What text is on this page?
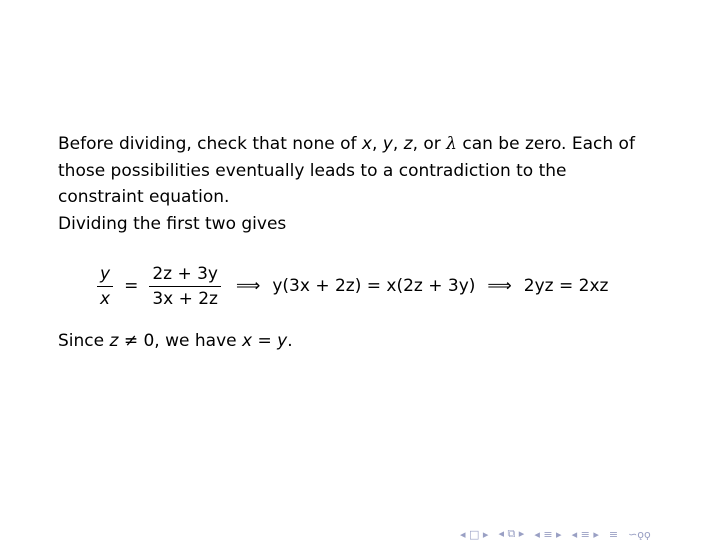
Before dividing, check that none of x, y, z, or λ can be zero. Each of
those possibilities eventually leads to a contradiction to the
constraint equation.
Dividing the first two gives
$\frac{y}{x} = \frac{2z + 3y}{3x + 2z}$ ⟹ y(3x + 2z) = x(2z + 3y) ⟹ 2yz = 2xz
Since z ≠ 0, we have x = y.
◂ □ ▸ ◂ ⧉ ▸ ◂ ≡ ▸ ◂ ≡ ▸ ≡ ∽ǫϙ
